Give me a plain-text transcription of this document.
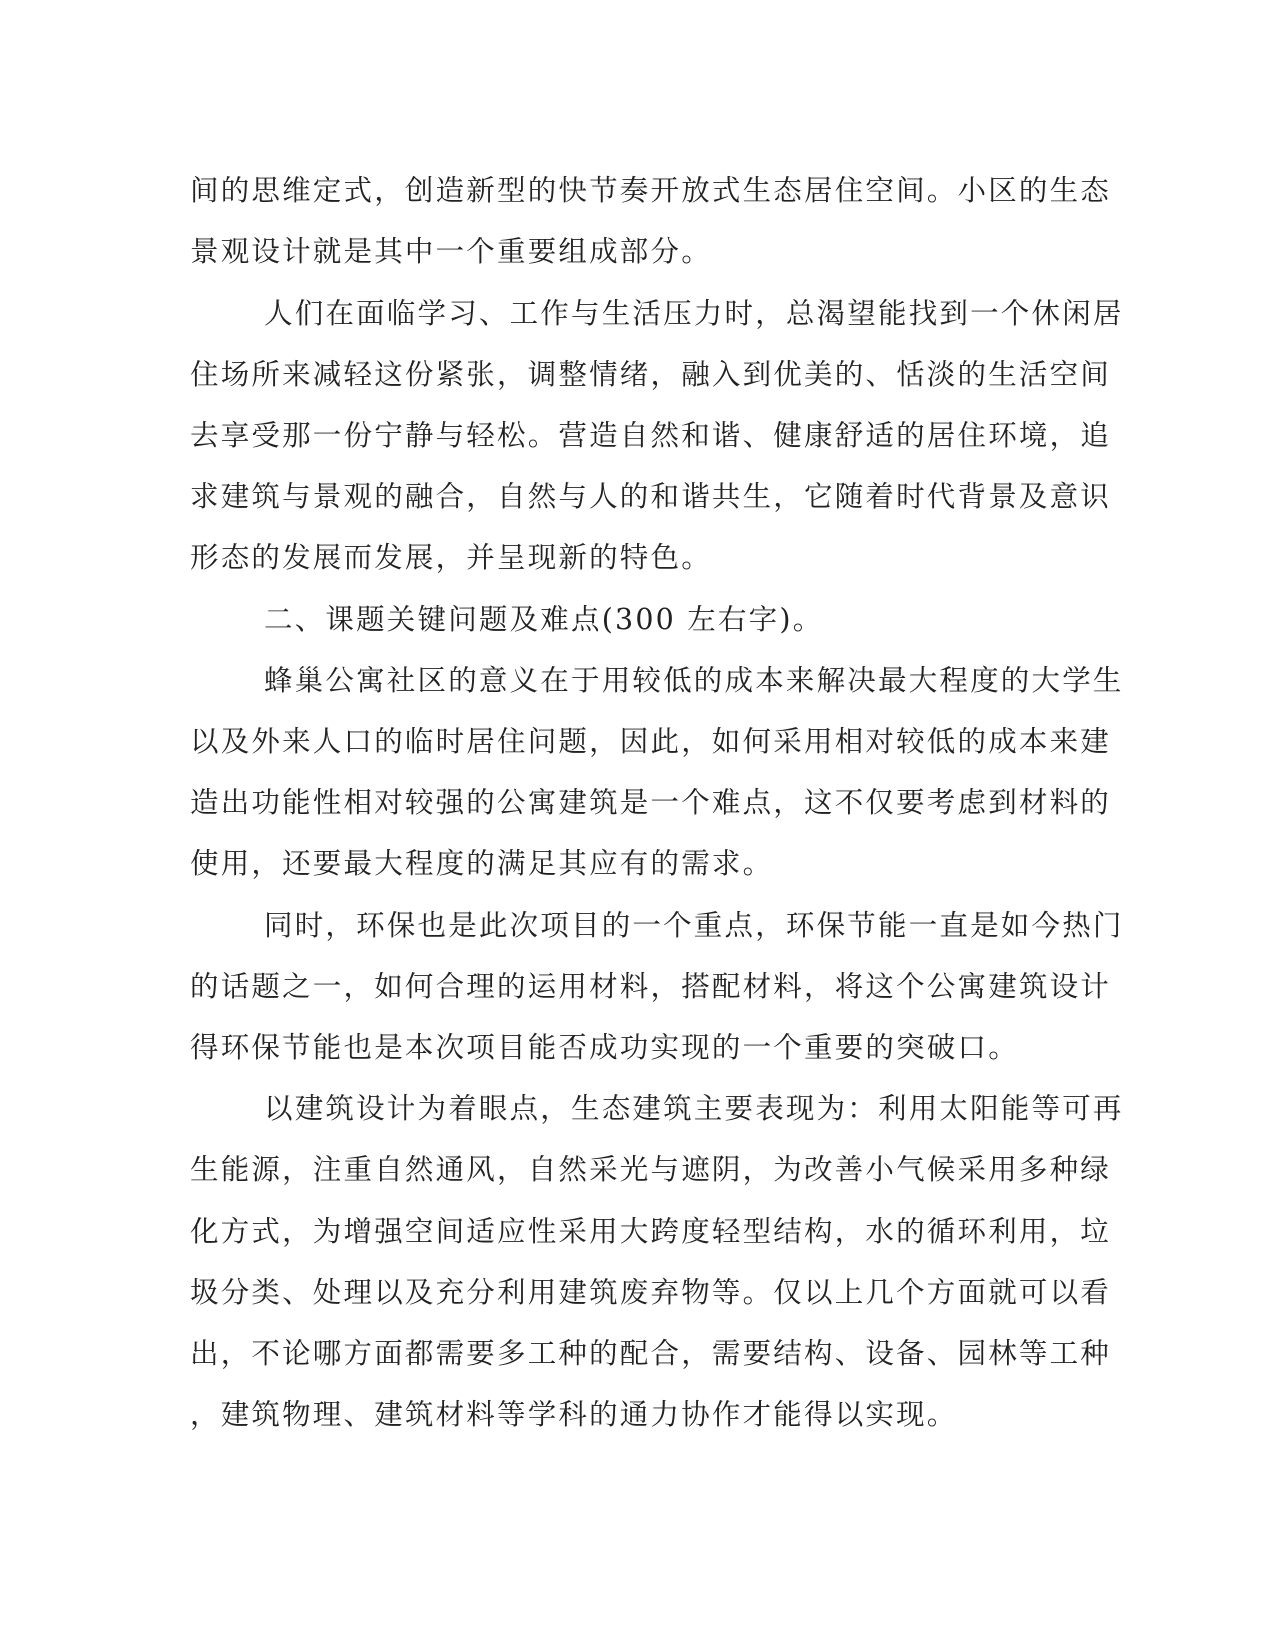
间的思维定式，创造新型的快节奏开放式生态居住空间。小区的生态
景观设计就是其中一个重要组成部分。
人们在面临学习、工作与生活压力时，总渴望能找到一个休闲居
住场所来减轻这份紧张，调整情绪，融入到优美的、恬淡的生活空间
去享受那一份宁静与轻松。营造自然和谐、健康舒适的居住环境，追
求建筑与景观的融合，自然与人的和谐共生，它随着时代背景及意识
形态的发展而发展，并呈现新的特色。
二、课题关键问题及难点(300 左右字)。
蜂巢公寓社区的意义在于用较低的成本来解决最大程度的大学生
以及外来人口的临时居住问题，因此，如何采用相对较低的成本来建
造出功能性相对较强的公寓建筑是一个难点，这不仅要考虑到材料的
使用，还要最大程度的满足其应有的需求。
同时，环保也是此次项目的一个重点，环保节能一直是如今热门
的话题之一，如何合理的运用材料，搭配材料，将这个公寓建筑设计
得环保节能也是本次项目能否成功实现的一个重要的突破口。
以建筑设计为着眼点，生态建筑主要表现为：利用太阳能等可再
生能源，注重自然通风，自然采光与遮阴，为改善小气候采用多种绿
化方式，为增强空间适应性采用大跨度轻型结构，水的循环利用，垃
圾分类、处理以及充分利用建筑废弃物等。仅以上几个方面就可以看
出，不论哪方面都需要多工种的配合，需要结构、设备、园林等工种
，建筑物理、建筑材料等学科的通力协作才能得以实现。
